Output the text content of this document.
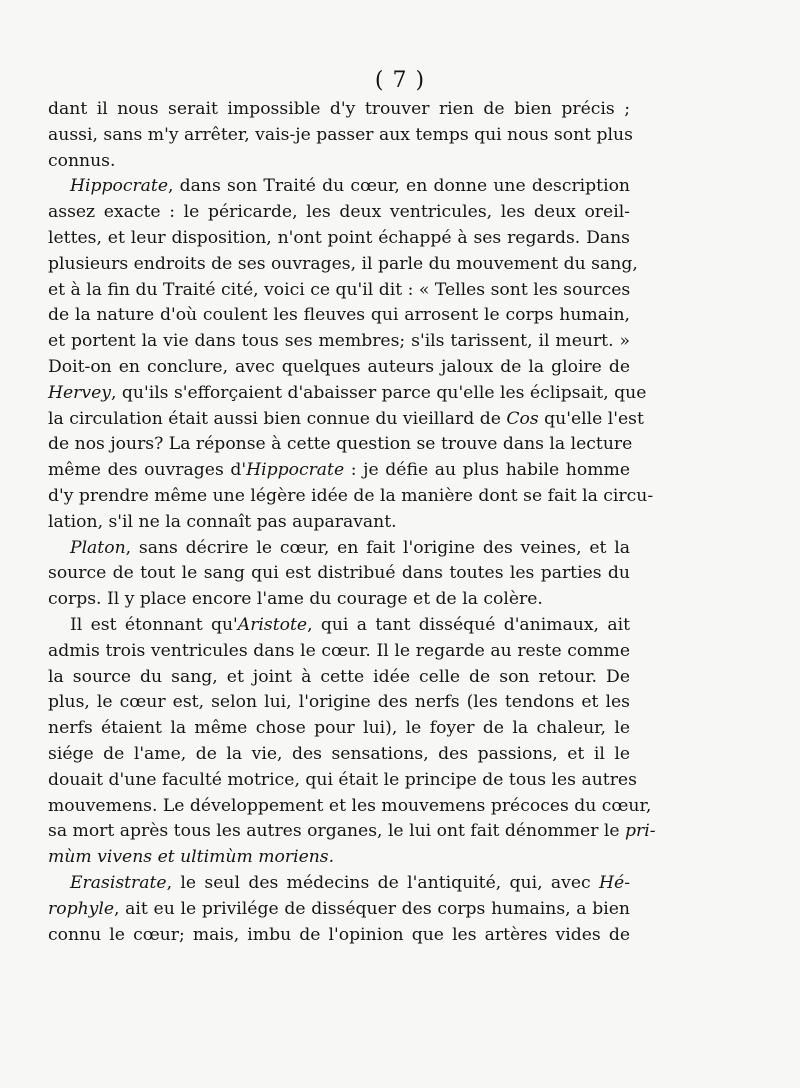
( 7 )
dant il nous serait impossible d'y trouver rien de bien précis ;
aussi, sans m'y arrêter, vais-je passer aux temps qui nous sont plus
connus.
Hippocrate, dans son Traité du cœur, en donne une description
assez exacte : le péricarde, les deux ventricules, les deux oreil-
lettes, et leur disposition, n'ont point échappé à ses regards. Dans
plusieurs endroits de ses ouvrages, il parle du mouvement du sang,
et à la fin du Traité cité, voici ce qu'il dit : « Telles sont les sources
de la nature d'où coulent les fleuves qui arrosent le corps humain,
et portent la vie dans tous ses membres; s'ils tarissent, il meurt. »
Doit-on en conclure, avec quelques auteurs jaloux de la gloire de
Hervey, qu'ils s'efforçaient d'abaisser parce qu'elle les éclipsait, que
la circulation était aussi bien connue du vieillard de Cos qu'elle l'est
de nos jours? La réponse à cette question se trouve dans la lecture
même des ouvrages d'Hippocrate : je défie au plus habile homme
d'y prendre même une légère idée de la manière dont se fait la circu-
lation, s'il ne la connaît pas auparavant.
Platon, sans décrire le cœur, en fait l'origine des veines, et la
source de tout le sang qui est distribué dans toutes les parties du
corps. Il y place encore l'ame du courage et de la colère.
Il est étonnant qu'Aristote, qui a tant disséqué d'animaux, ait
admis trois ventricules dans le cœur. Il le regarde au reste comme
la source du sang, et joint à cette idée celle de son retour. De
plus, le cœur est, selon lui, l'origine des nerfs (les tendons et les
nerfs étaient la même chose pour lui), le foyer de la chaleur, le
siége de l'ame, de la vie, des sensations, des passions, et il le
douait d'une faculté motrice, qui était le principe de tous les autres
mouvemens. Le développement et les mouvemens précoces du cœur,
sa mort après tous les autres organes, le lui ont fait dénommer le pri-
mùm vivens et ultimùm moriens.
Erasistrate, le seul des médecins de l'antiquité, qui, avec Hé-
rophyle, ait eu le privilége de disséquer des corps humains, a bien
connu le cœur; mais, imbu de l'opinion que les artères vides de
